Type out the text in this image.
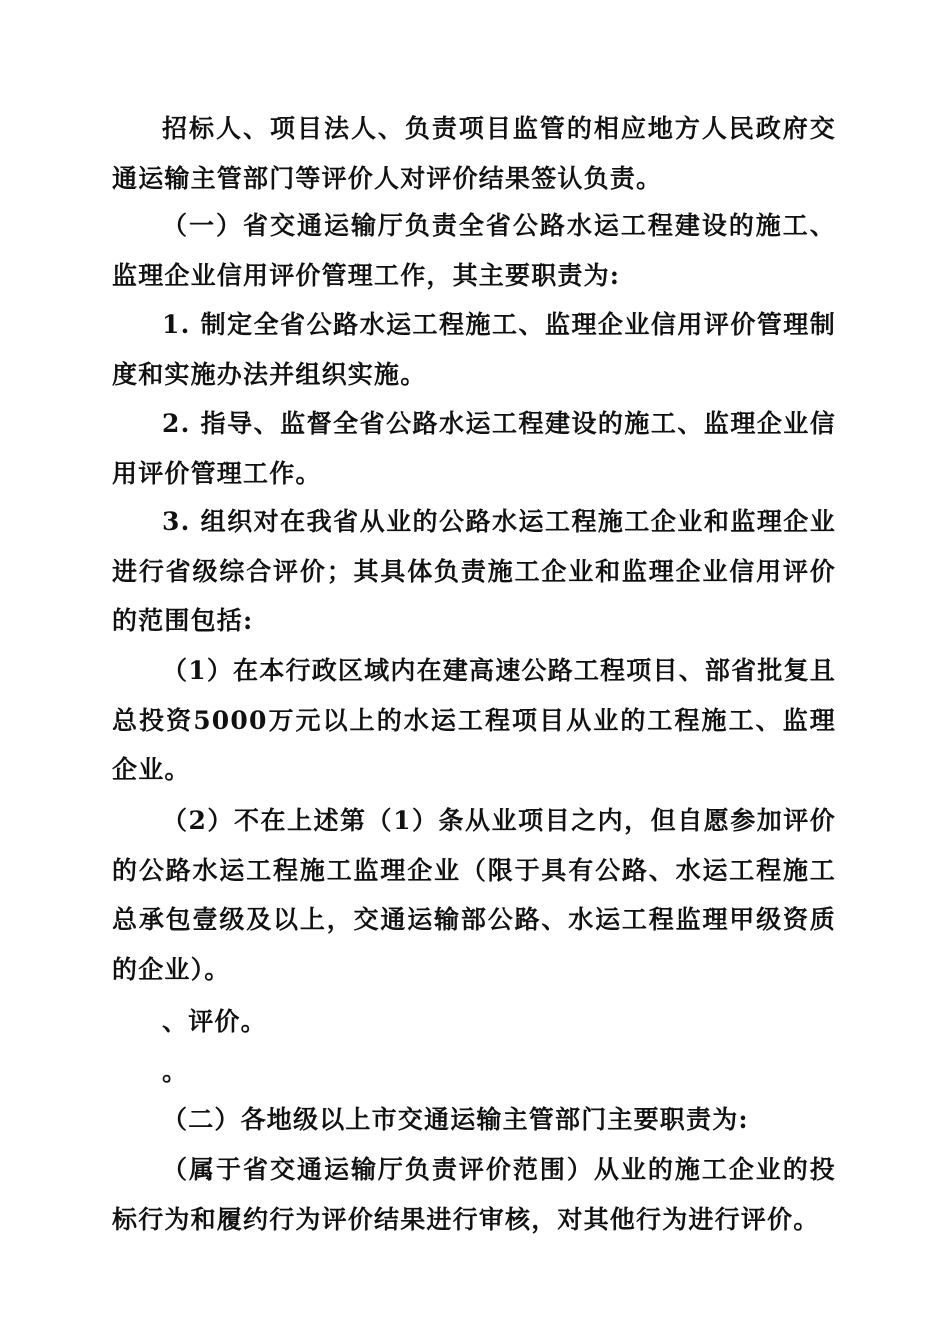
招标人、项目法人、负责项目监管的相应地方人民政府交通运输主管部门等评价人对评价结果签认负责。

（一）省交通运输厅负责全省公路水运工程建设的施工、监理企业信用评价管理工作，其主要职责为:

1. 制定全省公路水运工程施工、监理企业信用评价管理制度和实施办法并组织实施。

2. 指导、监督全省公路水运工程建设的施工、监理企业信用评价管理工作。

3. 组织对在我省从业的公路水运工程施工企业和监理企业进行省级综合评价；其具体负责施工企业和监理企业信用评价的范围包括:

（1）在本行政区域内在建高速公路工程项目、部省批复且总投资5000万元以上的水运工程项目从业的工程施工、监理企业。

（2）不在上述第（1）条从业项目之内，但自愿参加评价的公路水运工程施工监理企业（限于具有公路、水运工程施工总承包壹级及以上，交通运输部公路、水运工程监理甲级资质的企业）。

、评价。

。

（二）各地级以上市交通运输主管部门主要职责为:

（属于省交通运输厅负责评价范围）从业的施工企业的投标行为和履约行为评价结果进行审核，对其他行为进行评价。
